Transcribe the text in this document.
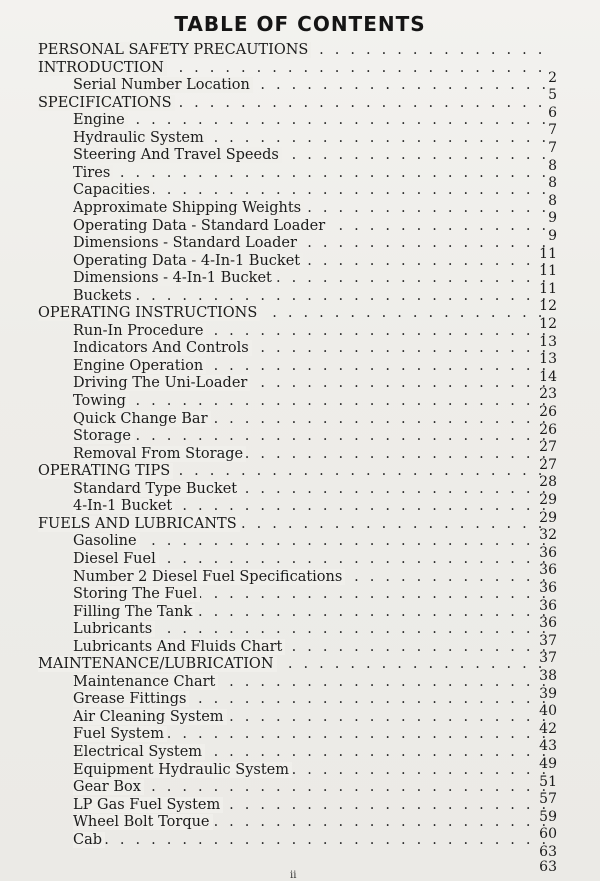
TABLE OF CONTENTS
. . .
PERSONAL SAFETY PRECAUTIONS
. . .
INTRODUCTION
2
. . .
Serial Number Location
5
. . .
SPECIFICATIONS
6
. . .
Engine
7
. . .
Hydraulic System
7
. . .
Steering And Travel Speeds
8
. . .
Tires
8
. . .
Capacities
8
. . .
Approximate Shipping Weights
9
. . .
Operating Data - Standard Loader
9
. . .
Dimensions - Standard Loader
11
. . .
Operating Data - 4-In-1 Bucket
11
. . .
Dimensions - 4-In-1 Bucket
11
. . .
Buckets
12
. . .
OPERATING INSTRUCTIONS
12
. . .
Run-In Procedure
13
. . .
Indicators And Controls
13
. . .
Engine Operation
14
. . .
Driving The Uni-Loader
23
. . .
Towing
26
. . .
Quick Change Bar
26
. . .
Storage
27
. . .
Removal From Storage
27
. . .
OPERATING TIPS
28
. . .
Standard Type Bucket
29
. . .
4-In-1 Bucket
29
. . .
FUELS AND LUBRICANTS
32
. . .
Gasoline
36
. . .
Diesel Fuel
36
. . .
Number 2 Diesel Fuel Specifications
36
. . .
Storing The Fuel
36
. . .
Filling The Tank
36
. . .
Lubricants
37
. . .
Lubricants And Fluids Chart
37
. . .
MAINTENANCE/LUBRICATION
38
. . .
Maintenance Chart
39
. . .
Grease Fittings
40
. . .
Air Cleaning System
42
. . .
Fuel System
43
. . .
Electrical System
49
. . .
Equipment Hydraulic System
51
. . .
Gear Box
57
. . .
LP Gas Fuel System
59
. . .
Wheel Bolt Torque
60
. . .
Cab
63
63
ii
